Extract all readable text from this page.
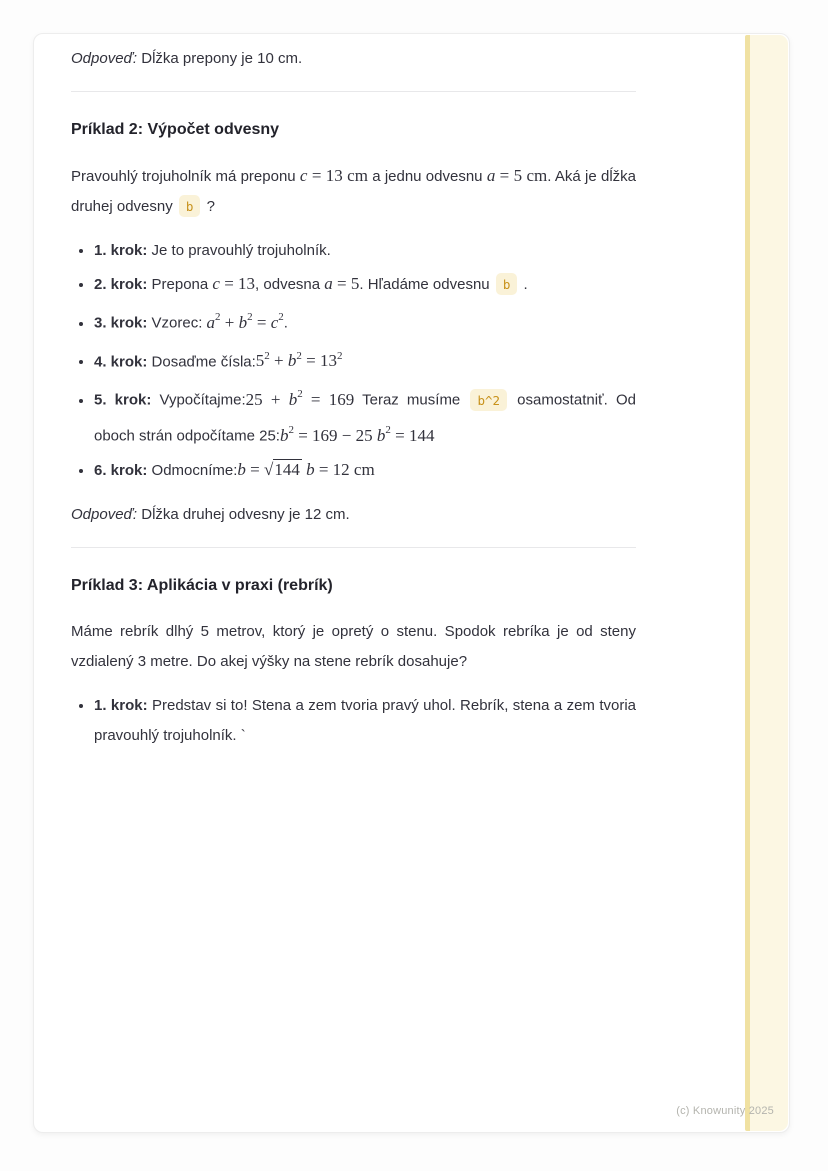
Odpoveď: Dĺžka prepony je 10 cm.

Príklad 2: Výpočet odvesny

Pravouhlý trojuholník má preponu c = 13 cm a jednu odvesnu a = 5 cm. Aká je dĺžka druhej odvesny b ?

• 1. krok: Je to pravouhlý trojuholník.
• 2. krok: Prepona c = 13, odvesna a = 5. Hľadáme odvesnu b .
• 3. krok: Vzorec: $a^2 + b^2 = c^2$.
• 4. krok: Dosaďme $čísla:5^2 + b^2 = 13^2$
• 5. krok: Vypočítajme:25 + $b^2 = 169$ Teraz musíme b^2 osamostatniť. Od oboch strán odpočítame $25:b^2 = 169 - 25$ $b^2 = 144$
• 6. krok: Odmocníme:b = √144 b = 12 cm

Odpoveď: Dĺžka druhej odvesny je 12 cm.

Príklad 3: Aplikácia v praxi (rebrík)

Máme rebrík dlhý 5 metrov, ktorý je opretý o stenu. Spodok rebríka je od steny vzdialený 3 metre. Do akej výšky na stene rebrík dosahuje?

• 1. krok: Predstav si to! Stena a zem tvoria pravý uhol. Rebrík, stena a zem tvoria pravouhlý trojuholník. `
(c) Knowunity 2025
